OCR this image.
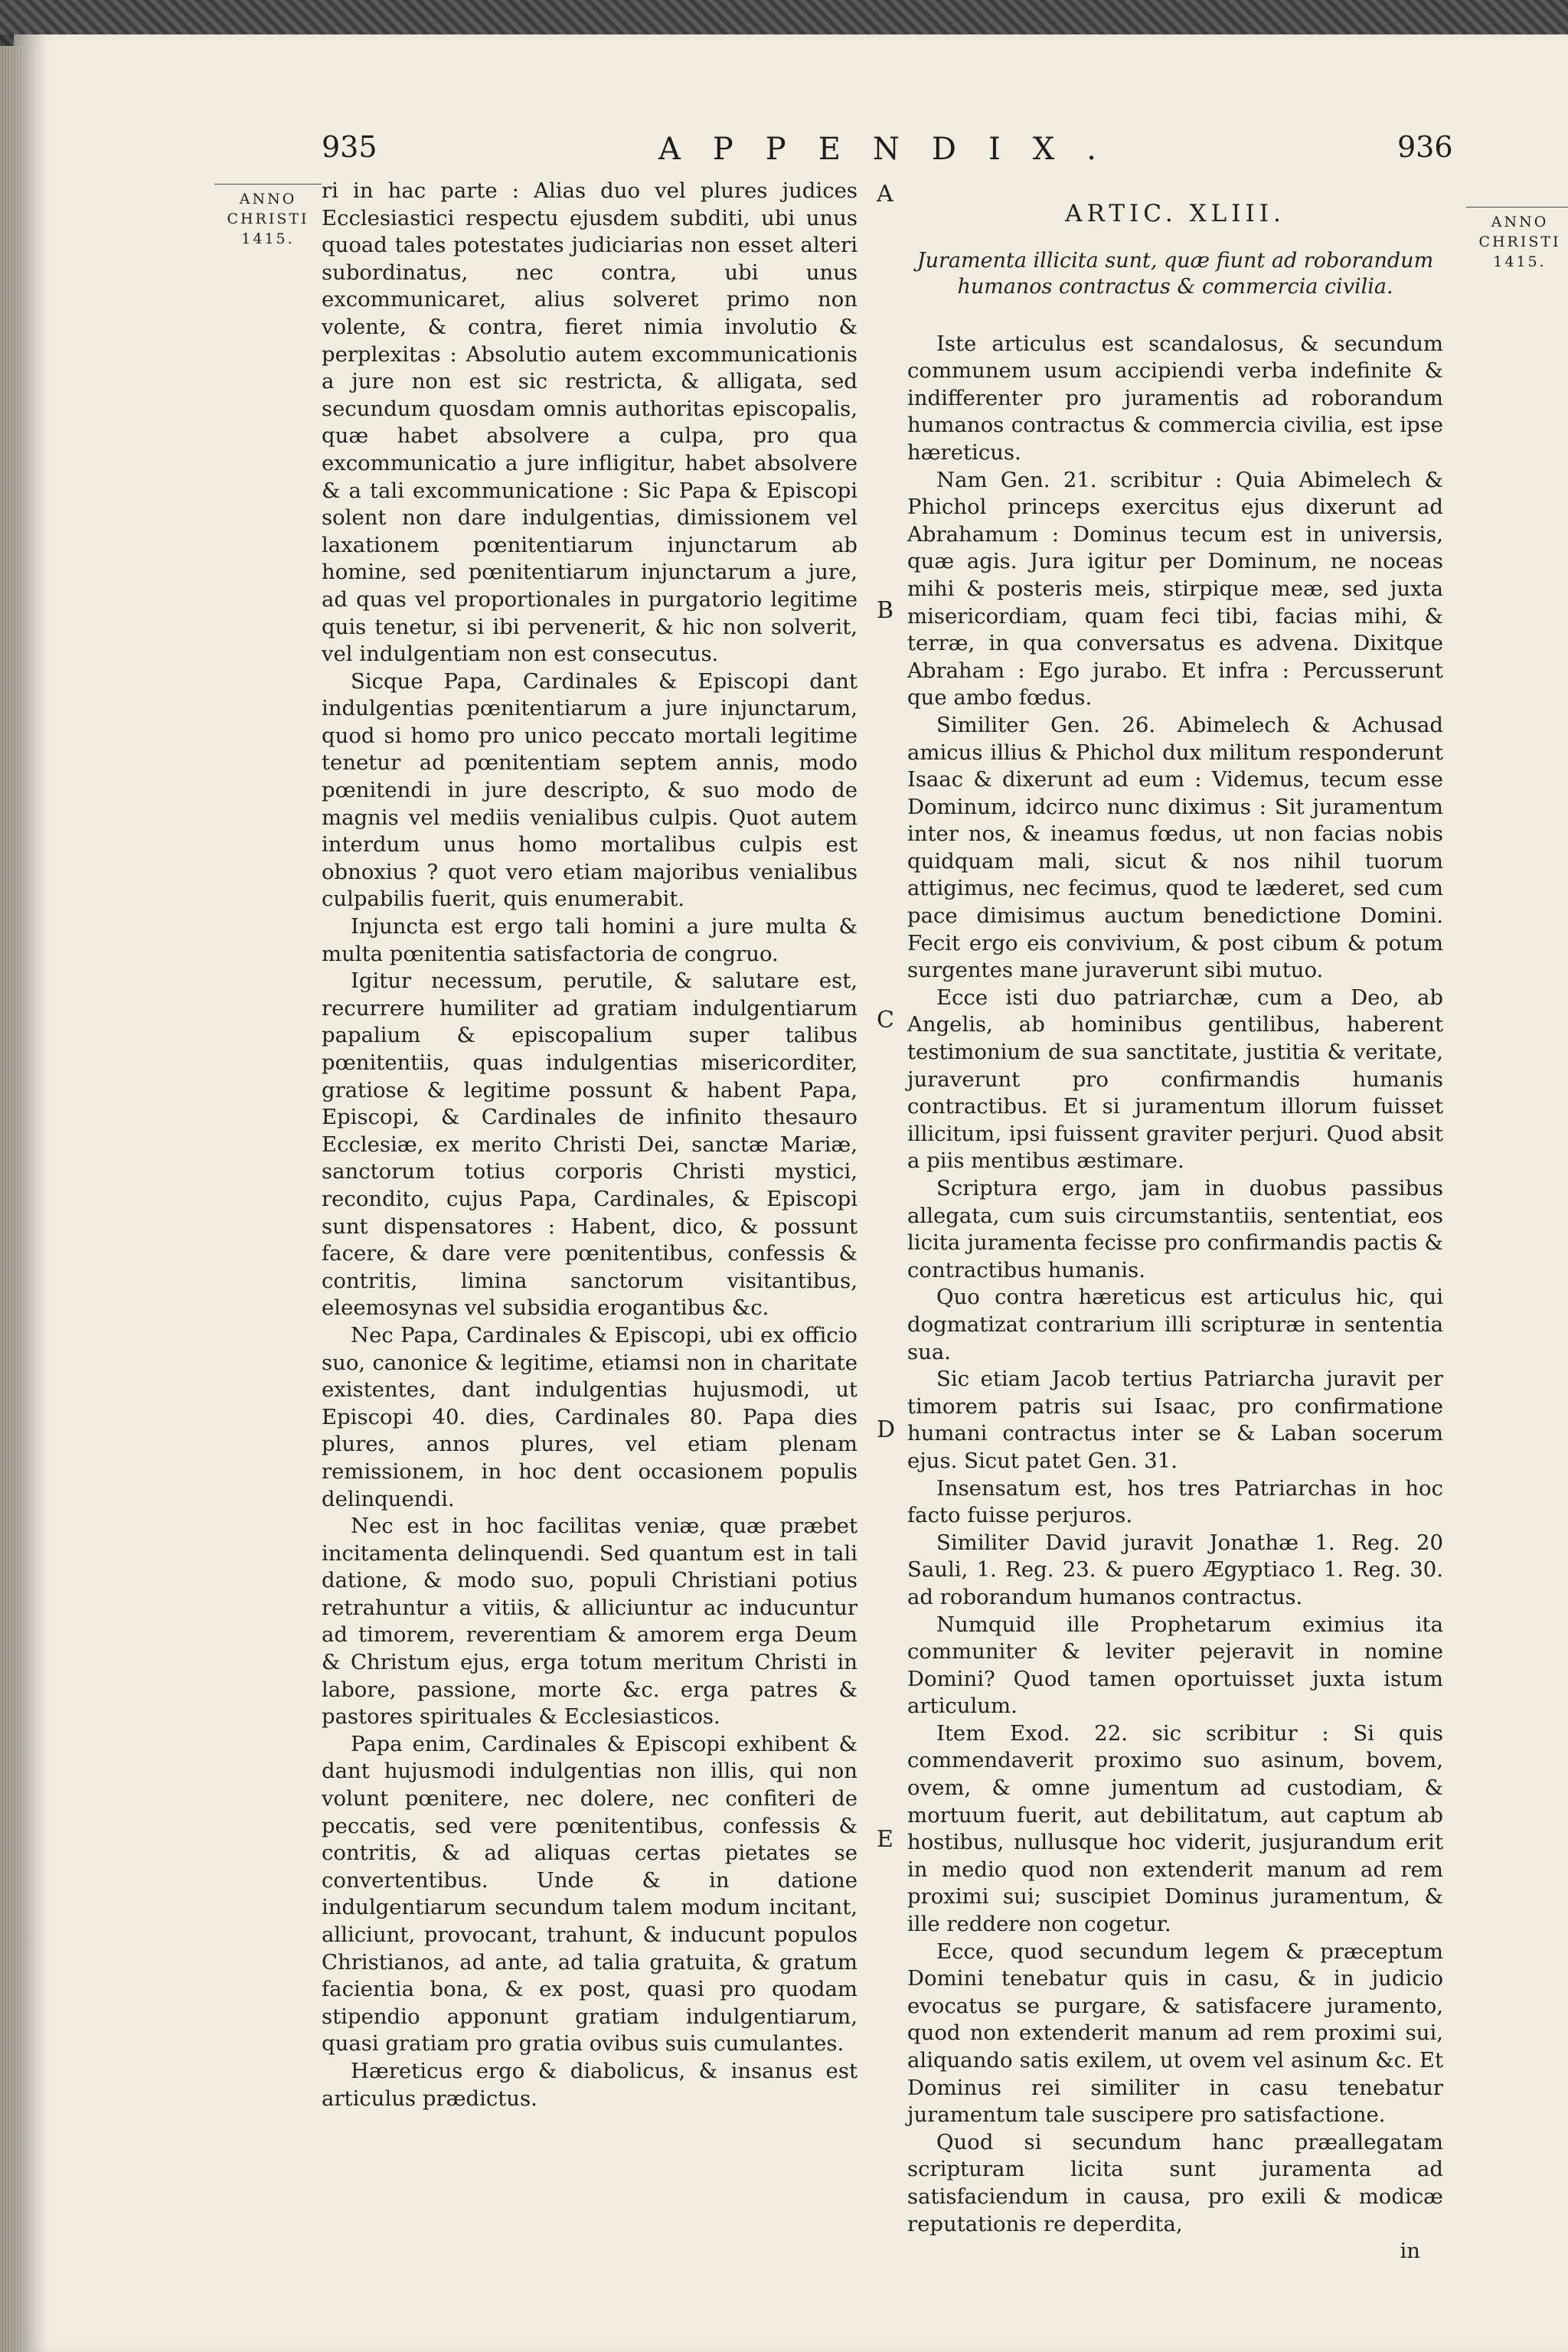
935	APPENDIX.	936
ANNO
CHRISTI
1415.
ANNO
CHRISTI
1415.
A
B
C
D
E

ri in hac parte : Alias duo vel plures judices Ecclesiastici respectu ejusdem subditi, ubi unus quoad tales potestates judiciarias non esset alteri subordinatus, nec contra, ubi unus excommunicaret, alius solveret primo non volente, & contra, fieret nimia involutio & perplexitas : Absolutio autem excommunicationis a jure non est sic restricta, & alligata, sed secundum quosdam omnis authoritas episcopalis, quæ habet absolvere a culpa, pro qua excommunicatio a jure infligitur, habet absolvere & a tali excommunicatione : Sic Papa & Episcopi solent non dare indulgentias, dimissionem vel laxationem pœnitentiarum injunctarum ab homine, sed pœnitentiarum injunctarum a jure, ad quas vel proportionales in purgatorio legitime quis tenetur, si ibi pervenerit, & hic non solverit, vel indulgentiam non est consecutus.

Sicque Papa, Cardinales & Episcopi dant indulgentias pœnitentiarum a jure injunctarum, quod si homo pro unico peccato mortali legitime tenetur ad pœnitentiam septem annis, modo pœnitendi in jure descripto, & suo modo de magnis vel mediis venialibus culpis. Quot autem interdum unus homo mortalibus culpis est obnoxius ? quot vero etiam majoribus venialibus culpabilis fuerit, quis enumerabit.

Injuncta est ergo tali homini a jure multa & multa pœnitentia satisfactoria de congruo.

Igitur necessum, perutile, & salutare est, recurrere humiliter ad gratiam indulgentiarum papalium & episcopalium super talibus pœnitentiis, quas indulgentias misericorditer, gratiose & legitime possunt & habent Papa, Episcopi, & Cardinales de infinito thesauro Ecclesiæ, ex merito Christi Dei, sanctæ Mariæ, sanctorum totius corporis Christi mystici, recondito, cujus Papa, Cardinales, & Episcopi sunt dispensatores : Habent, dico, & possunt facere, & dare vere pœnitentibus, confessis & contritis, limina sanctorum visitantibus, eleemosynas vel subsidia erogantibus &c.

Nec Papa, Cardinales & Episcopi, ubi ex officio suo, canonice & legitime, etiamsi non in charitate existentes, dant indulgentias hujusmodi, ut Episcopi 40. dies, Cardinales 80. Papa dies plures, annos plures, vel etiam plenam remissionem, in hoc dent occasionem populis delinquendi.

Nec est in hoc facilitas veniæ, quæ præbet incitamenta delinquendi. Sed quantum est in tali datione, & modo suo, populi Christiani potius retrahuntur a vitiis, & alliciuntur ac inducuntur ad timorem, reverentiam & amorem erga Deum & Christum ejus, erga totum meritum Christi in labore, passione, morte &c. erga patres & pastores spirituales & Ecclesiasticos.

Papa enim, Cardinales & Episcopi exhibent & dant hujusmodi indulgentias non illis, qui non volunt pœnitere, nec dolere, nec confiteri de peccatis, sed vere pœnitentibus, confessis & contritis, & ad aliquas certas pietates se convertentibus. Unde & in datione indulgentiarum secundum talem modum incitant, alliciunt, provocant, trahunt, & inducunt populos Christianos, ad ante, ad talia gratuita, & gratum facientia bona, & ex post, quasi pro quodam stipendio apponunt gratiam indulgentiarum, quasi gratiam pro gratia ovibus suis cumulantes.

Hæreticus ergo & diabolicus, & insanus est articulus prædictus.

ARTIC. XLIII.
Juramenta illicita sunt, quæ fiunt ad roborandum humanos contractus & commercia civilia.

Iste articulus est scandalosus, & secundum communem usum accipiendi verba indefinite & indifferenter pro juramentis ad roborandum humanos contractus & commercia civilia, est ipse hæreticus.

Nam Gen. 21. scribitur : Quia Abimelech & Phichol princeps exercitus ejus dixerunt ad Abrahamum : Dominus tecum est in universis, quæ agis. Jura igitur per Dominum, ne noceas mihi & posteris meis, stirpique meæ, sed juxta misericordiam, quam feci tibi, facias mihi, & terræ, in qua conversatus es advena. Dixitque Abraham : Ego jurabo. Et infra : Percusserunt que ambo fœdus.

Similiter Gen. 26. Abimelech & Achusad amicus illius & Phichol dux militum responderunt Isaac & dixerunt ad eum : Videmus, tecum esse Dominum, idcirco nunc diximus : Sit juramentum inter nos, & ineamus fœdus, ut non facias nobis quidquam mali, sicut & nos nihil tuorum attigimus, nec fecimus, quod te læderet, sed cum pace dimisimus auctum benedictione Domini. Fecit ergo eis convivium, & post cibum & potum surgentes mane juraverunt sibi mutuo.

Ecce isti duo patriarchæ, cum a Deo, ab Angelis, ab hominibus gentilibus, haberent testimonium de sua sanctitate, justitia & veritate, juraverunt pro confirmandis humanis contractibus. Et si juramentum illorum fuisset illicitum, ipsi fuissent graviter perjuri. Quod absit a piis mentibus æstimare.

Scriptura ergo, jam in duobus passibus allegata, cum suis circumstantiis, sententiat, eos licita juramenta fecisse pro confirmandis pactis & contractibus humanis.

Quo contra hæreticus est articulus hic, qui dogmatizat contrarium illi scripturæ in sententia sua.

Sic etiam Jacob tertius Patriarcha juravit per timorem patris sui Isaac, pro confirmatione humani contractus inter se & Laban socerum ejus. Sicut patet Gen. 31.

Insensatum est, hos tres Patriarchas in hoc facto fuisse perjuros.

Similiter David juravit Jonathæ 1. Reg. 20 Sauli, 1. Reg. 23. & puero Ægyptiaco 1. Reg. 30. ad roborandum humanos contractus.

Numquid ille Prophetarum eximius ita communiter & leviter pejeravit in nomine Domini? Quod tamen oportuisset juxta istum articulum.

Item Exod. 22. sic scribitur : Si quis commendaverit proximo suo asinum, bovem, ovem, & omne jumentum ad custodiam, & mortuum fuerit, aut debilitatum, aut captum ab hostibus, nullusque hoc viderit, jusjurandum erit in medio quod non extenderit manum ad rem proximi sui; suscipiet Dominus juramentum, & ille reddere non cogetur.

Ecce, quod secundum legem & præceptum Domini tenebatur quis in casu, & in judicio evocatus se purgare, & satisfacere juramento, quod non extenderit manum ad rem proximi sui, aliquando satis exilem, ut ovem vel asinum &c. Et Dominus rei similiter in casu tenebatur juramentum tale suscipere pro satisfactione.

Quod si secundum hanc præallegatam scripturam licita sunt juramenta ad satisfaciendum in causa, pro exili & modicæ reputationis re deperdita,

in
